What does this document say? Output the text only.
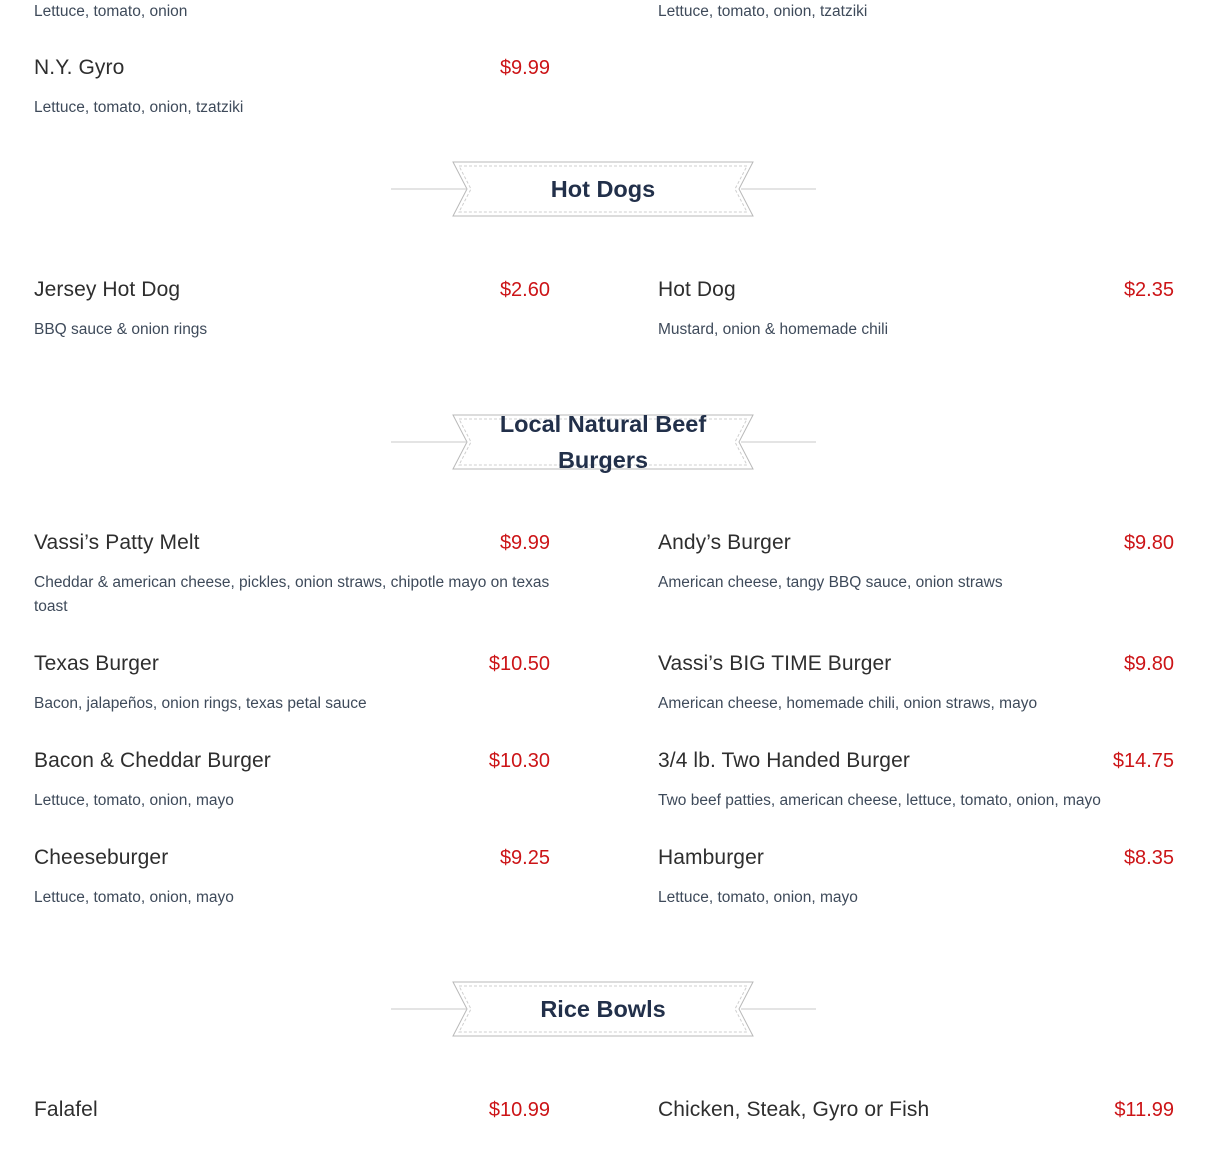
Lettuce, tomato, onion	Lettuce, tomato, onion, tzatziki
N.Y. Gyro	$9.99
Lettuce, tomato, onion, tzatziki
Hot Dogs
Jersey Hot Dog	$2.60
BBQ sauce & onion rings
Hot Dog	$2.35
Mustard, onion & homemade chili
Local Natural Beef Burgers
Vassi’s Patty Melt	$9.99
Cheddar & american cheese, pickles, onion straws, chipotle mayo on texas toast
Andy’s Burger	$9.80
American cheese, tangy BBQ sauce, onion straws
Texas Burger	$10.50
Bacon, jalapeños, onion rings, texas petal sauce
Vassi’s BIG TIME Burger	$9.80
American cheese, homemade chili, onion straws, mayo
Bacon & Cheddar Burger	$10.30
Lettuce, tomato, onion, mayo
3/4 lb. Two Handed Burger	$14.75
Two beef patties, american cheese, lettuce, tomato, onion, mayo
Cheeseburger	$9.25
Lettuce, tomato, onion, mayo
Hamburger	$8.35
Lettuce, tomato, onion, mayo
Rice Bowls
Falafel	$10.99	Chicken, Steak, Gyro or Fish	$11.99
